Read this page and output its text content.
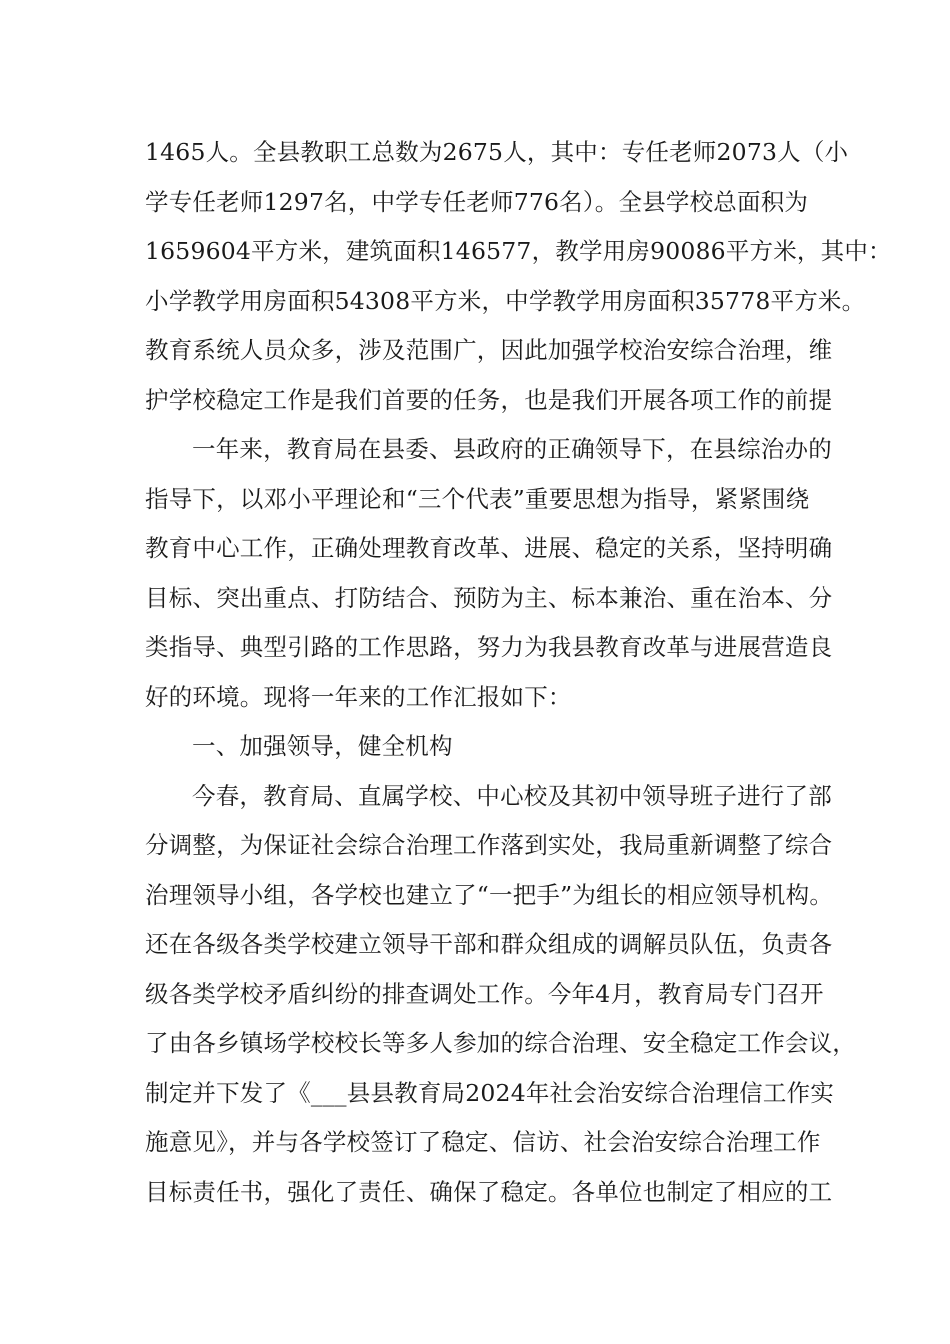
1465人。全县教职工总数为2675人，其中：专任老师2073人（小
学专任老师1297名，中学专任老师776名）。全县学校总面积为
1659604平方米，建筑面积146577，教学用房90086平方米，其中：
小学教学用房面积54308平方米，中学教学用房面积35778平方米。
教育系统人员众多，涉及范围广，因此加强学校治安综合治理，维
护学校稳定工作是我们首要的任务，也是我们开展各项工作的前提
一年来，教育局在县委、县政府的正确领导下，在县综治办的
指导下，以邓小平理论和“三个代表”重要思想为指导，紧紧围绕
教育中心工作，正确处理教育改革、进展、稳定的关系，坚持明确
目标、突出重点、打防结合、预防为主、标本兼治、重在治本、分
类指导、典型引路的工作思路，努力为我县教育改革与进展营造良
好的环境。现将一年来的工作汇报如下：
一、加强领导，健全机构
今春，教育局、直属学校、中心校及其初中领导班子进行了部
分调整，为保证社会综合治理工作落到实处，我局重新调整了综合
治理领导小组，各学校也建立了“一把手”为组长的相应领导机构。
还在各级各类学校建立领导干部和群众组成的调解员队伍，负责各
级各类学校矛盾纠纷的排查调处工作。今年4月，教育局专门召开
了由各乡镇场学校校长等多人参加的综合治理、安全稳定工作会议，
制定并下发了《___县县教育局2024年社会治安综合治理信工作实
施意见》，并与各学校签订了稳定、信访、社会治安综合治理工作
目标责任书，强化了责任、确保了稳定。各单位也制定了相应的工
